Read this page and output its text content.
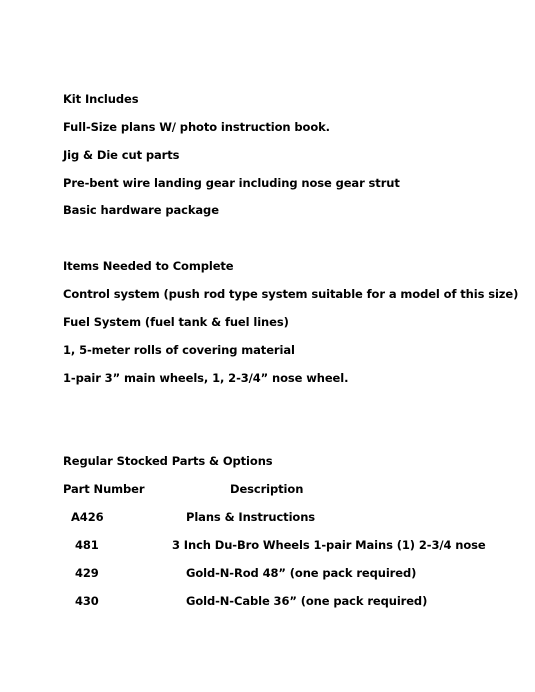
Kit Includes
Full-Size plans W/ photo instruction book.
Jig & Die cut parts
Pre-bent wire landing gear including nose gear strut
Basic hardware package
Items Needed to Complete
Control system (push rod type system suitable for a model of this size)
Fuel System (fuel tank & fuel lines)
1, 5-meter rolls of covering material
1-pair 3” main wheels, 1, 2-3/4” nose wheel.
Regular Stocked Parts & Options
Part Number	Description
A426	Plans & Instructions
481	3 Inch Du-Bro Wheels 1-pair Mains (1) 2-3/4 nose
429	Gold-N-Rod 48” (one pack required)
430	Gold-N-Cable 36” (one pack required)
